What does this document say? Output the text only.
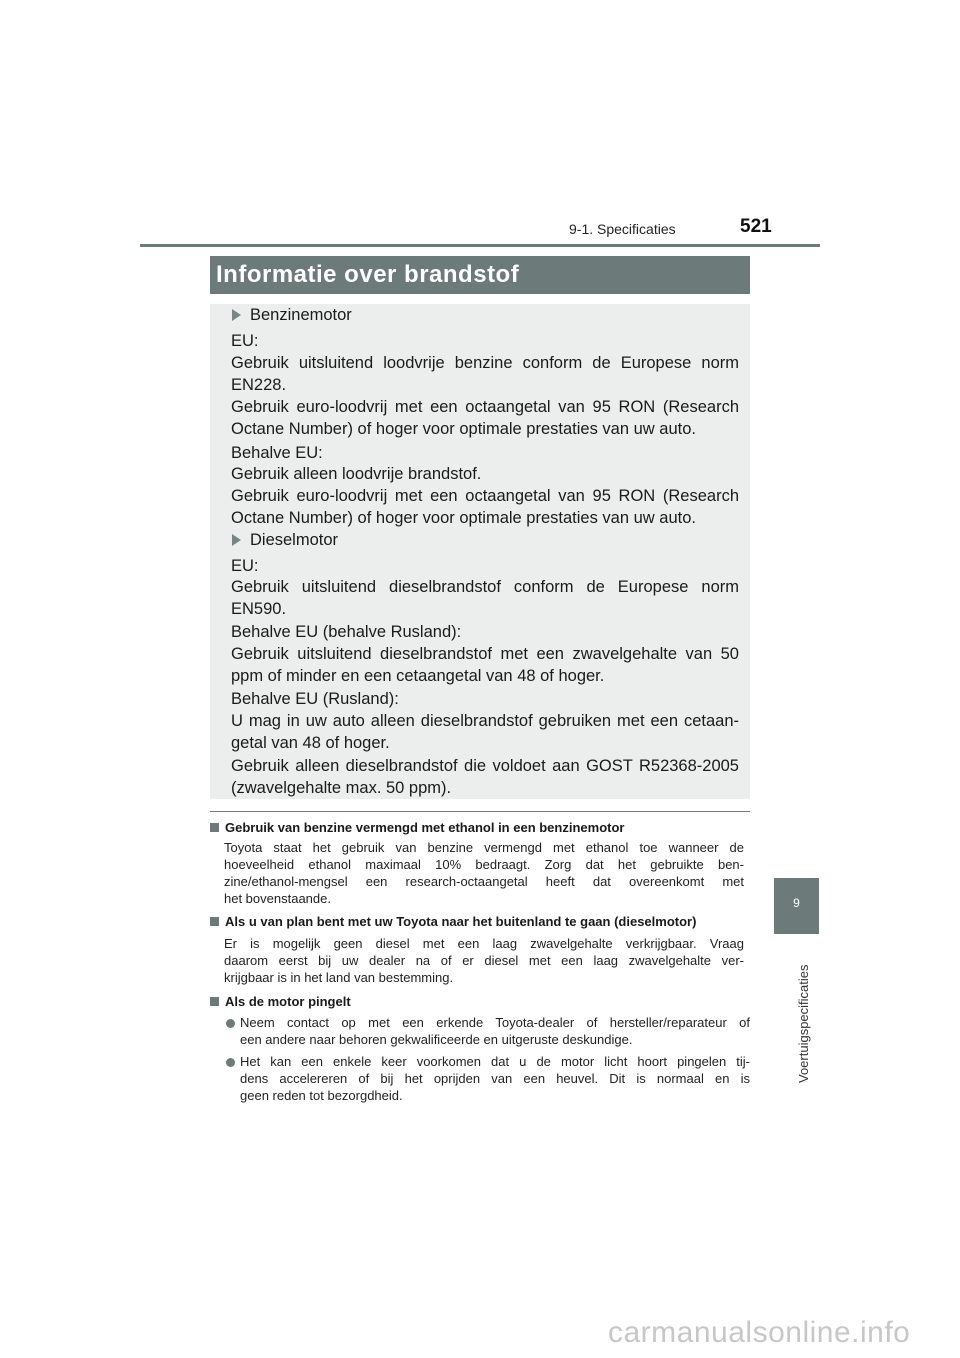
9-1. Specificaties	521
9
Voertuigspecificaties
Informatie over brandstof
Benzinemotor
EU:
Gebruik uitsluitend loodvrije benzine conform de Europese norm
EN228.
Gebruik euro-loodvrij met een octaangetal van 95 RON (Research
Octane Number) of hoger voor optimale prestaties van uw auto.
Behalve EU:
Gebruik alleen loodvrije brandstof.
Gebruik euro-loodvrij met een octaangetal van 95 RON (Research
Octane Number) of hoger voor optimale prestaties van uw auto.
Dieselmotor
EU:
Gebruik uitsluitend dieselbrandstof conform de Europese norm
EN590.
Behalve EU (behalve Rusland):
Gebruik uitsluitend dieselbrandstof met een zwavelgehalte van 50
ppm of minder en een cetaangetal van 48 of hoger.
Behalve EU (Rusland):
U mag in uw auto alleen dieselbrandstof gebruiken met een cetaan-
getal van 48 of hoger.
Gebruik alleen dieselbrandstof die voldoet aan GOST R52368-2005
(zwavelgehalte max. 50 ppm).
Gebruik van benzine vermengd met ethanol in een benzinemotor
Toyota staat het gebruik van benzine vermengd met ethanol toe wanneer de
hoeveelheid ethanol maximaal 10% bedraagt. Zorg dat het gebruikte ben-
zine/ethanol-mengsel een research-octaangetal heeft dat overeenkomt met
het bovenstaande.
Als u van plan bent met uw Toyota naar het buitenland te gaan (dieselmotor)
Er is mogelijk geen diesel met een laag zwavelgehalte verkrijgbaar. Vraag
daarom eerst bij uw dealer na of er diesel met een laag zwavelgehalte ver-
krijgbaar is in het land van bestemming.
Als de motor pingelt
Neem contact op met een erkende Toyota-dealer of hersteller/reparateur of
een andere naar behoren gekwalificeerde en uitgeruste deskundige.
Het kan een enkele keer voorkomen dat u de motor licht hoort pingelen tij-
dens accelereren of bij het oprijden van een heuvel. Dit is normaal en is
geen reden tot bezorgdheid.
carmanualsonline.info
